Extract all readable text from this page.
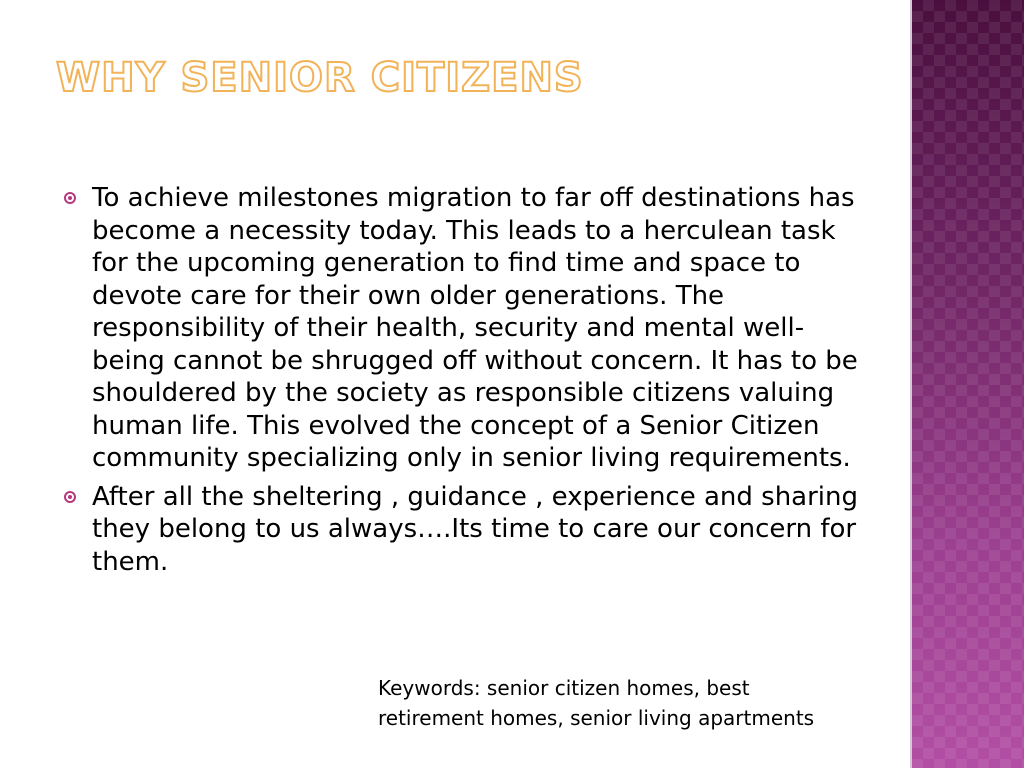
WHY SENIOR CITIZENS
To achieve milestones migration to far off destinations has become a necessity today. This leads to a herculean task for the upcoming generation to find time and space to devote care for their own older generations. The responsibility of their health, security and mental well-being cannot be shrugged off without concern. It has to be shouldered by the society as responsible citizens valuing human life. This evolved the concept of a Senior Citizen community specializing only in senior living requirements.
After all the sheltering , guidance , experience and sharing they belong to us always….Its time to care our concern for them.

Keywords: senior citizen homes, best retirement homes, senior living apartments
